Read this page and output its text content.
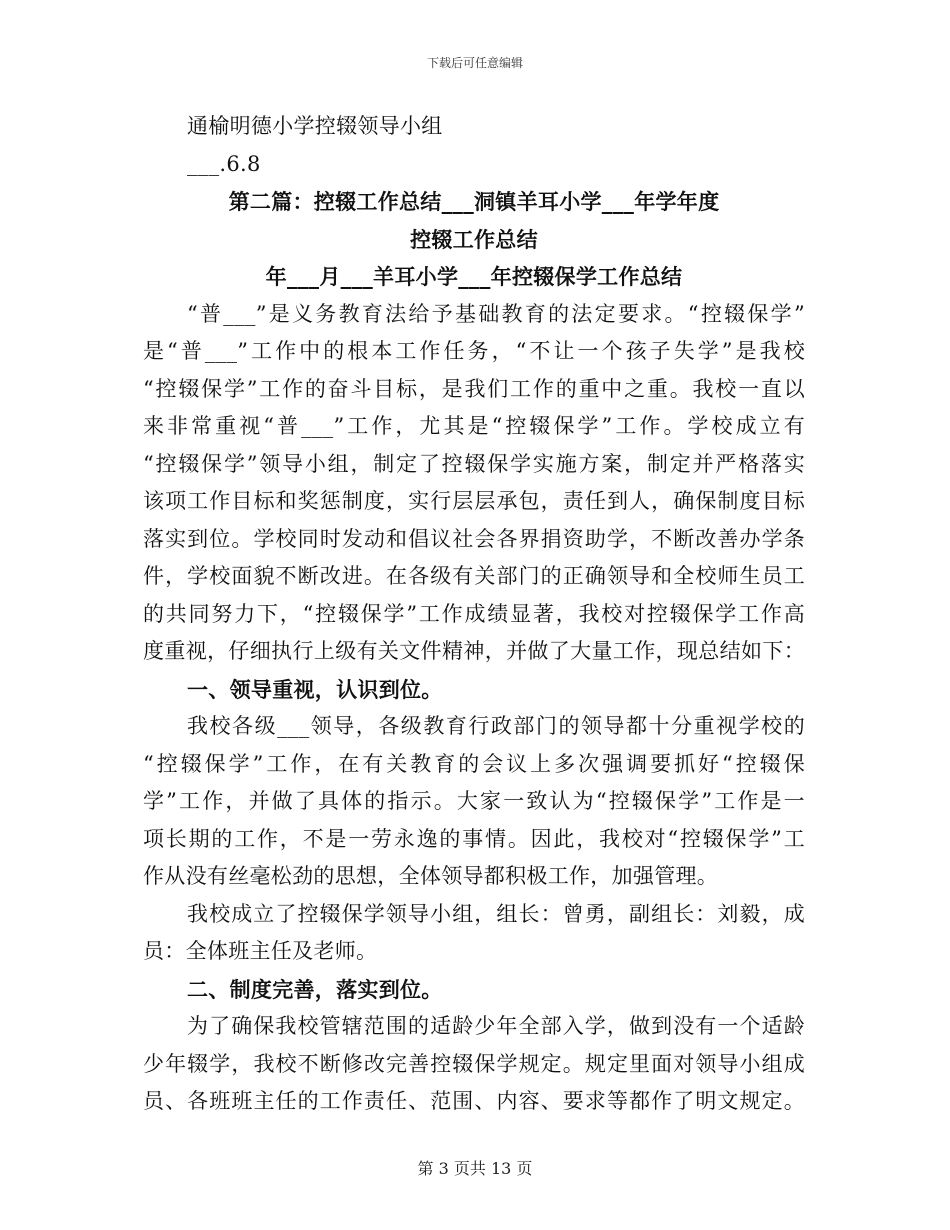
下载后可任意编辑
通榆明德小学控辍领导小组
___.6.8
第二篇：控辍工作总结___洞镇羊耳小学___年学年度
控辍工作总结
年___月___羊耳小学___年控辍保学工作总结
“普___”是义务教育法给予基础教育的法定要求。“控辍保学”
是“普___”工作中的根本工作任务，“不让一个孩子失学”是我校
“控辍保学”工作的奋斗目标，是我们工作的重中之重。我校一直以
来非常重视“普___”工作，尤其是“控辍保学”工作。学校成立有
“控辍保学”领导小组，制定了控辍保学实施方案，制定并严格落实
该项工作目标和奖惩制度，实行层层承包，责任到人，确保制度目标
落实到位。学校同时发动和倡议社会各界捐资助学，不断改善办学条
件，学校面貌不断改进。在各级有关部门的正确领导和全校师生员工
的共同努力下，“控辍保学”工作成绩显著，我校对控辍保学工作高
度重视，仔细执行上级有关文件精神，并做了大量工作，现总结如下：
一、领导重视，认识到位。
我校各级___领导，各级教育行政部门的领导都十分重视学校的
“控辍保学”工作，在有关教育的会议上多次强调要抓好“控辍保
学”工作，并做了具体的指示。大家一致认为“控辍保学”工作是一
项长期的工作，不是一劳永逸的事情。因此，我校对“控辍保学”工
作从没有丝毫松劲的思想，全体领导都积极工作，加强管理。
我校成立了控辍保学领导小组，组长：曾勇，副组长：刘毅，成
员：全体班主任及老师。
二、制度完善，落实到位。
为了确保我校管辖范围的适龄少年全部入学，做到没有一个适龄
少年辍学，我校不断修改完善控辍保学规定。规定里面对领导小组成
员、各班班主任的工作责任、范围、内容、要求等都作了明文规定。
第 3 页共 13 页
